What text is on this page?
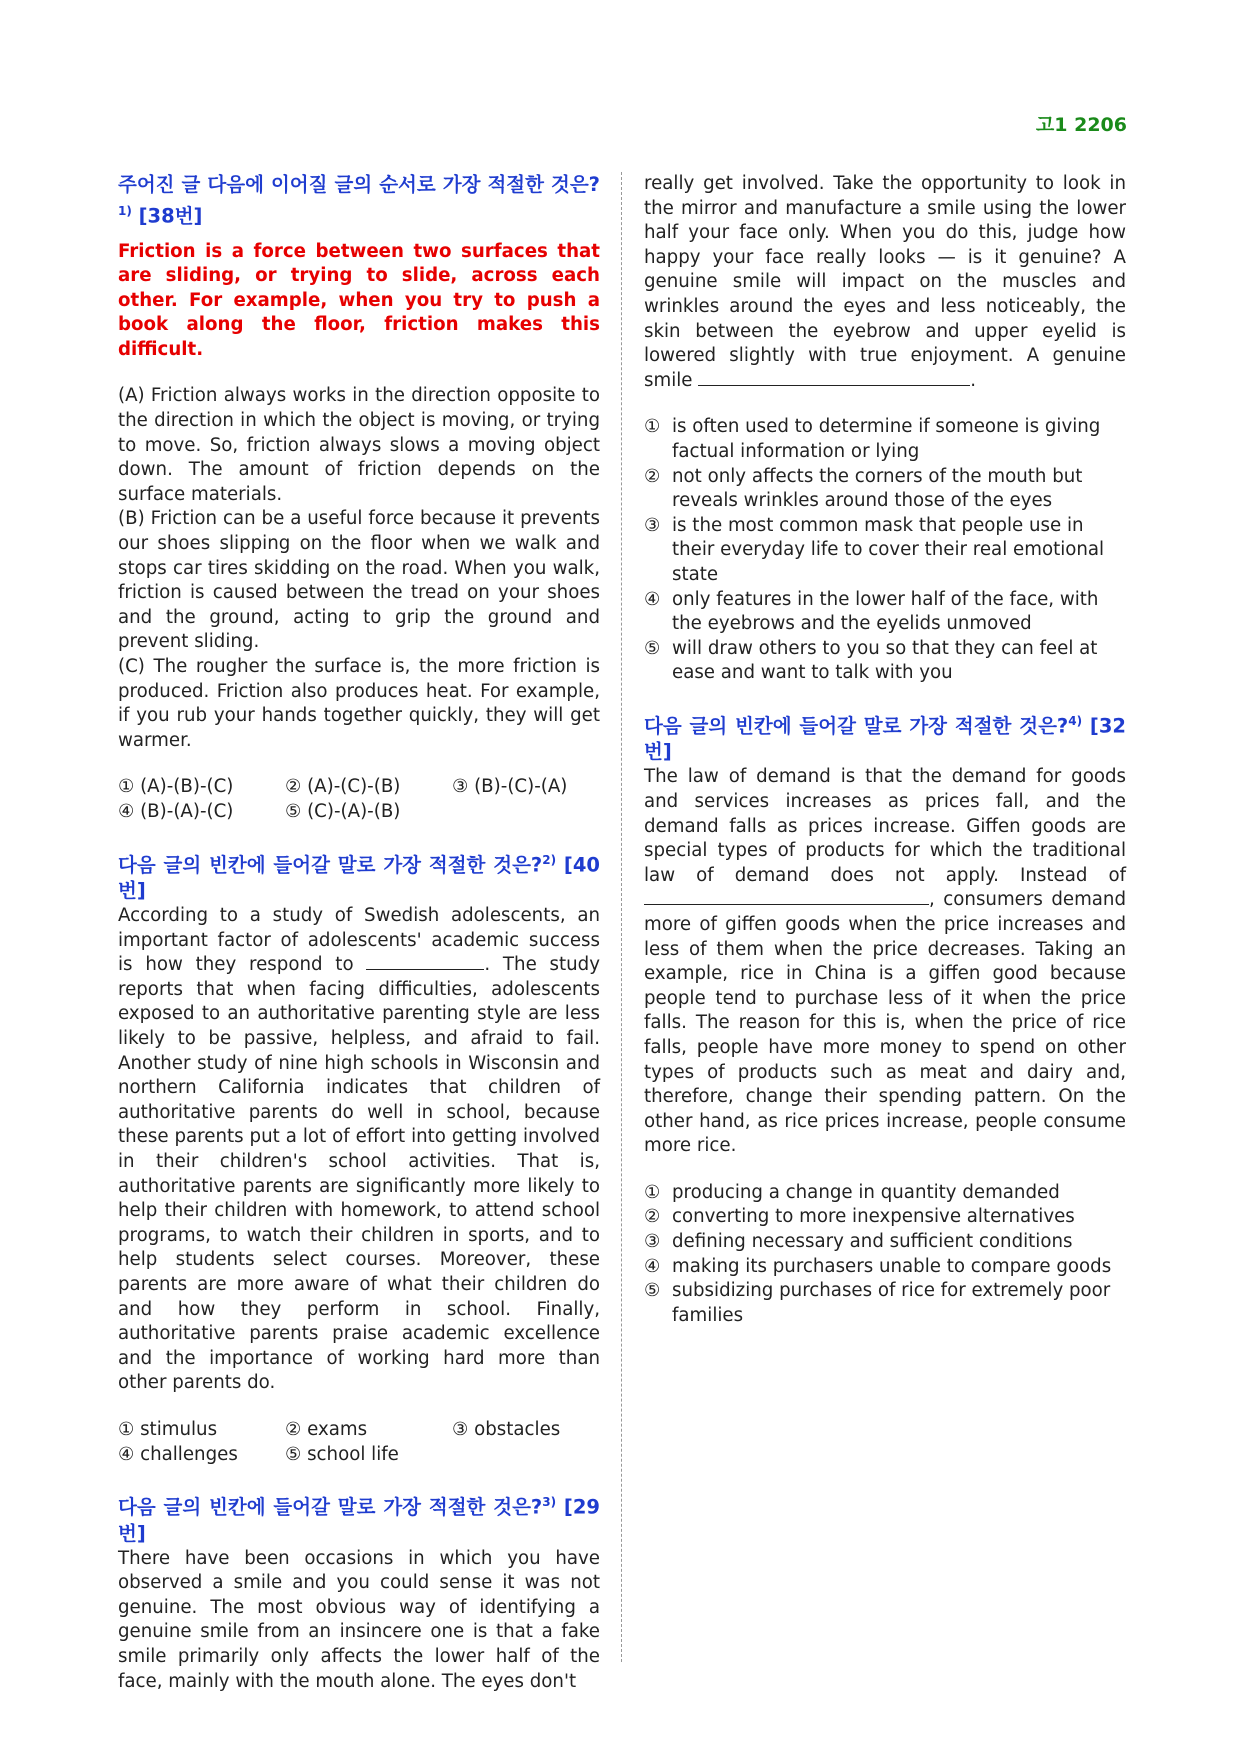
고1 2206

주어진 글 다음에 이어질 글의 순서로 가장 적절한 것은?$^{1)}$ [38번]

Friction is a force between two surfaces that are sliding, or trying to slide, across each other. For example, when you try to push a book along the floor, friction makes this difficult.

(A) Friction always works in the direction opposite to the direction in which the object is moving, or trying to move. So, friction always slows a moving object down. The amount of friction depends on the surface materials.

(B) Friction can be a useful force because it prevents our shoes slipping on the floor when we walk and stops car tires skidding on the road. When you walk, friction is caused between the tread on your shoes and the ground, acting to grip the ground and prevent sliding.

(C) The rougher the surface is, the more friction is produced. Friction also produces heat. For example, if you rub your hands together quickly, they will get warmer.

① (A)-(B)-(C)	② (A)-(C)-(B)	③ (B)-(C)-(A)
④ (B)-(A)-(C)	⑤ (C)-(A)-(B)

다음 글의 빈칸에 들어갈 말로 가장 적절한 것은?$^{2)}$ [40번]

According to a study of Swedish adolescents, an important factor of adolescents' academic success is how they respond to	. The study reports that when facing difficulties, adolescents exposed to an authoritative parenting style are less likely to be passive, helpless, and afraid to fail. Another study of nine high schools in Wisconsin and northern California indicates that children of authoritative parents do well in school, because these parents put a lot of effort into getting involved in their children's school activities. That is, authoritative parents are significantly more likely to help their children with homework, to attend school programs, to watch their children in sports, and to help students select courses. Moreover, these parents are more aware of what their children do and how they perform in school. Finally, authoritative parents praise academic excellence and the importance of working hard more than other parents do.

① stimulus	② exams	③ obstacles
④ challenges	⑤ school life

다음 글의 빈칸에 들어갈 말로 가장 적절한 것은?$^{3)}$ [29번]

There have been occasions in which you have observed a smile and you could sense it was not genuine. The most obvious way of identifying a genuine smile from an insincere one is that a fake smile primarily only affects the lower half of the face, mainly with the mouth alone. The eyes don't

really get involved. Take the opportunity to look in the mirror and manufacture a smile using the lower half your face only. When you do this, judge how happy your face really looks — is it genuine? A genuine smile will impact on the muscles and wrinkles around the eyes and less noticeably, the skin between the eyebrow and upper eyelid is lowered slightly with true enjoyment. A genuine smile	.

① is often used to determine if someone is giving factual information or lying
② not only affects the corners of the mouth but reveals wrinkles around those of the eyes
③ is the most common mask that people use in their everyday life to cover their real emotional state
④ only features in the lower half of the face, with the eyebrows and the eyelids unmoved
⑤ will draw others to you so that they can feel at ease and want to talk with you

다음 글의 빈칸에 들어갈 말로 가장 적절한 것은?$^{4)}$ [32번]

The law of demand is that the demand for goods and services increases as prices fall, and the demand falls as prices increase. Giffen goods are special types of products for which the traditional law of demand does not apply. Instead of , consumers demand more of giffen goods when the price increases and less of them when the price decreases. Taking an example, rice in China is a giffen good because people tend to purchase less of it when the price falls. The reason for this is, when the price of rice falls, people have more money to spend on other types of products such as meat and dairy and, therefore, change their spending pattern. On the other hand, as rice prices increase, people consume more rice.

① producing a change in quantity demanded
② converting to more inexpensive alternatives
③ defining necessary and sufficient conditions
④ making its purchasers unable to compare goods
⑤ subsidizing purchases of rice for extremely poor families
